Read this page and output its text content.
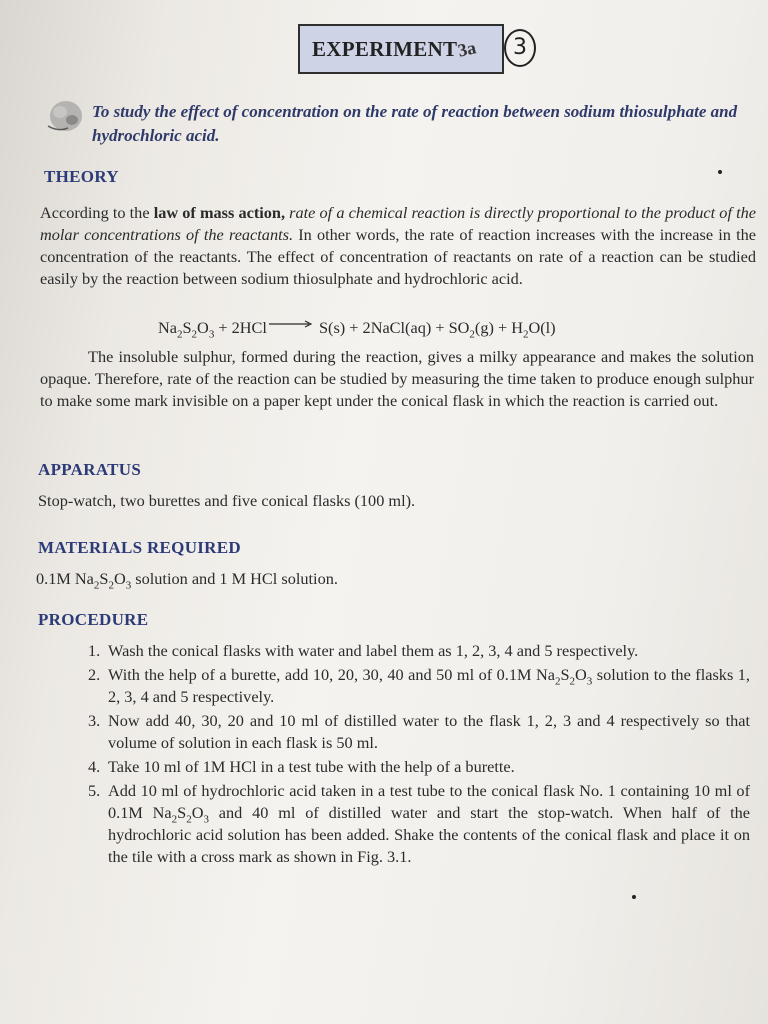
EXPERIMENT 3a	3
To study the effect of concentration on the rate of reaction between sodium thiosulphate and hydrochloric acid.
THEORY
According to the law of mass action, rate of a chemical reaction is directly proportional to the product of the molar concentrations of the reactants. In other words, the rate of reaction increases with the increase in the concentration of the reactants. The effect of concentration of reactants on rate of a reaction can be studied easily by the reaction between sodium thiosulphate and hydrochloric acid.
$Na_2S_2O_3 + 2HCl \to S(s)$ + 2NaCl(aq) + $SO_2(g) + H_2O(l)$
The insoluble sulphur, formed during the reaction, gives a milky appearance and makes the solution opaque. Therefore, rate of the reaction can be studied by measuring the time taken to produce enough sulphur to make some mark invisible on a paper kept under the conical flask in which the reaction is carried out.
APPARATUS
Stop-watch, two burettes and five conical flasks (100 ml).
MATERIALS REQUIRED
0.1M $Na_2S_2O_3$ solution and 1 M HCl solution.
PROCEDURE
1. Wash the conical flasks with water and label them as 1, 2, 3, 4 and 5 respectively.
2. With the help of a burette, add 10, 20, 30, 40 and 50 ml of 0.1M $Na_2S_2O_3$ solution to the flasks 1, 2, 3, 4 and 5 respectively.
3. Now add 40, 30, 20 and 10 ml of distilled water to the flask 1, 2, 3 and 4 respectively so that volume of solution in each flask is 50 ml.
4. Take 10 ml of 1M HCl in a test tube with the help of a burette.
5. Add 10 ml of hydrochloric acid taken in a test tube to the conical flask No. 1 containing 10 ml of 0.1M $Na_2S_2O_3$ and 40 ml of distilled water and start the stop-watch. When half of the hydrochloric acid solution has been added. Shake the contents of the conical flask and place it on the tile with a cross mark as shown in Fig. 3.1.
